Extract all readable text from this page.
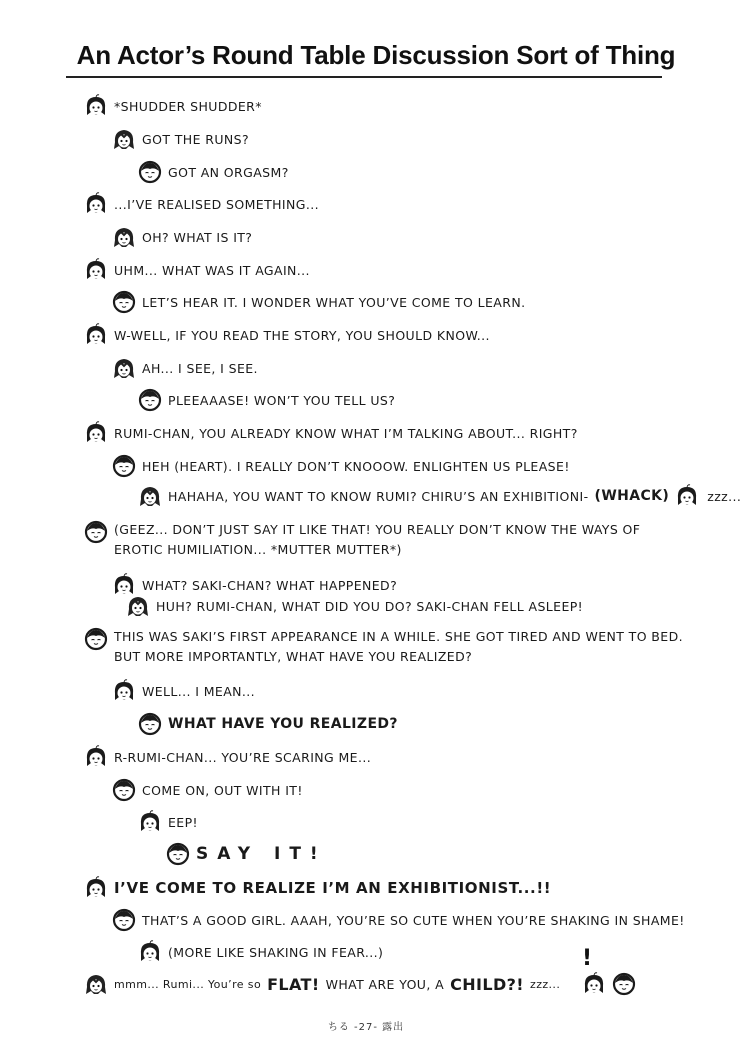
An Actor’s Round Table Discussion Sort of Thing
*SHUDDER SHUDDER*
GOT THE RUNS?
GOT AN ORGASM?
...I’VE REALISED SOMETHING...
OH? WHAT IS IT?
UHM... WHAT WAS IT AGAIN...
LET’S HEAR IT. I WONDER WHAT YOU’VE COME TO LEARN.
W-WELL, IF YOU READ THE STORY, YOU SHOULD KNOW...
AH... I SEE, I SEE.
PLEEAAASE! WON’T YOU TELL US?
RUMI-CHAN, YOU ALREADY KNOW WHAT I’M TALKING ABOUT... RIGHT?
HEH (HEART). I REALLY DON’T KNOOOW. ENLIGHTEN US PLEASE!
HAHAHA, YOU WANT TO KNOW RUMI? CHIRU’S AN EXHIBITIONI- (WHACK)	zzz...
(GEEZ... DON’T JUST SAY IT LIKE THAT! YOU REALLY DON’T KNOW THE WAYS OF EROTIC HUMILIATION... *MUTTER MUTTER*)
WHAT? SAKI-CHAN? WHAT HAPPENED?
HUH? RUMI-CHAN, WHAT DID YOU DO? SAKI-CHAN FELL ASLEEP!
THIS WAS SAKI’S FIRST APPEARANCE IN A WHILE. SHE GOT TIRED AND WENT TO BED. BUT MORE IMPORTANTLY, WHAT HAVE YOU REALIZED?
WELL... I MEAN...
WHAT HAVE YOU REALIZED?
R-RUMI-CHAN... YOU’RE SCARING ME...
COME ON, OUT WITH IT!
EEP!
SAY IT!
I’VE COME TO REALIZE I’M AN EXHIBITIONIST...!!
THAT’S A GOOD GIRL. AAAH, YOU’RE SO CUTE WHEN YOU’RE SHAKING IN SHAME!
(MORE LIKE SHAKING IN FEAR...)
mmm... Rumi... You’re so FLAT! WHAT ARE YOU, A CHILD?! zzz...
!
ちる -27- 露出
